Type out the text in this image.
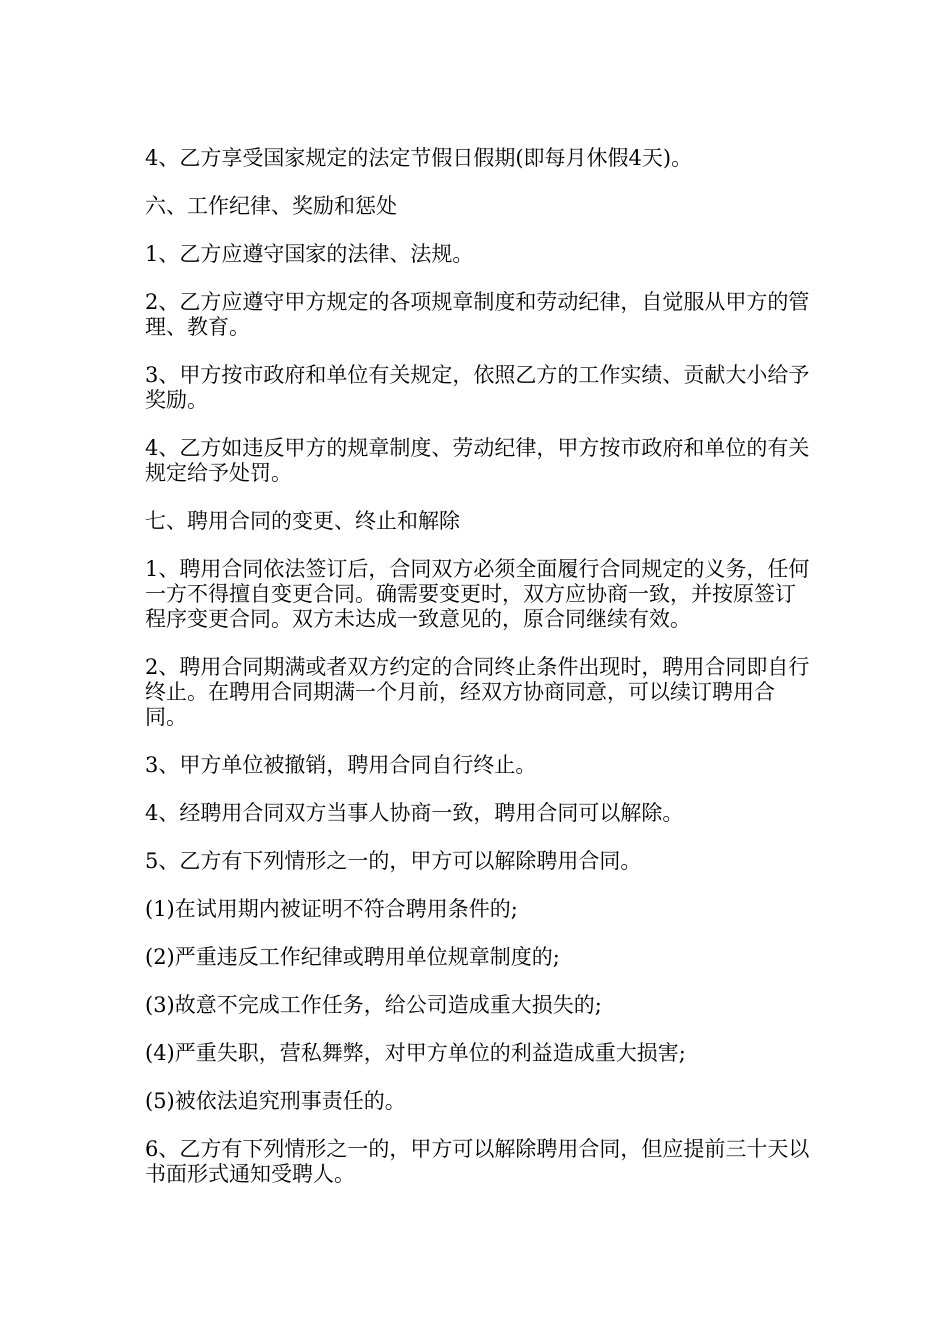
4、乙方享受国家规定的法定节假日假期(即每月休假4天)。

六、工作纪律、奖励和惩处

1、乙方应遵守国家的法律、法规。

2、乙方应遵守甲方规定的各项规章制度和劳动纪律，自觉服从甲方的管理、教育。

3、甲方按市政府和单位有关规定，依照乙方的工作实绩、贡献大小给予奖励。

4、乙方如违反甲方的规章制度、劳动纪律，甲方按市政府和单位的有关规定给予处罚。

七、聘用合同的变更、终止和解除

1、聘用合同依法签订后，合同双方必须全面履行合同规定的义务，任何一方不得擅自变更合同。确需要变更时，双方应协商一致，并按原签订程序变更合同。双方未达成一致意见的，原合同继续有效。

2、聘用合同期满或者双方约定的合同终止条件出现时，聘用合同即自行终止。在聘用合同期满一个月前，经双方协商同意，可以续订聘用合同。

3、甲方单位被撤销，聘用合同自行终止。

4、经聘用合同双方当事人协商一致，聘用合同可以解除。

5、乙方有下列情形之一的，甲方可以解除聘用合同。

(1)在试用期内被证明不符合聘用条件的;

(2)严重违反工作纪律或聘用单位规章制度的;

(3)故意不完成工作任务，给公司造成重大损失的;

(4)严重失职，营私舞弊，对甲方单位的利益造成重大损害;

(5)被依法追究刑事责任的。

6、乙方有下列情形之一的，甲方可以解除聘用合同，但应提前三十天以书面形式通知受聘人。
